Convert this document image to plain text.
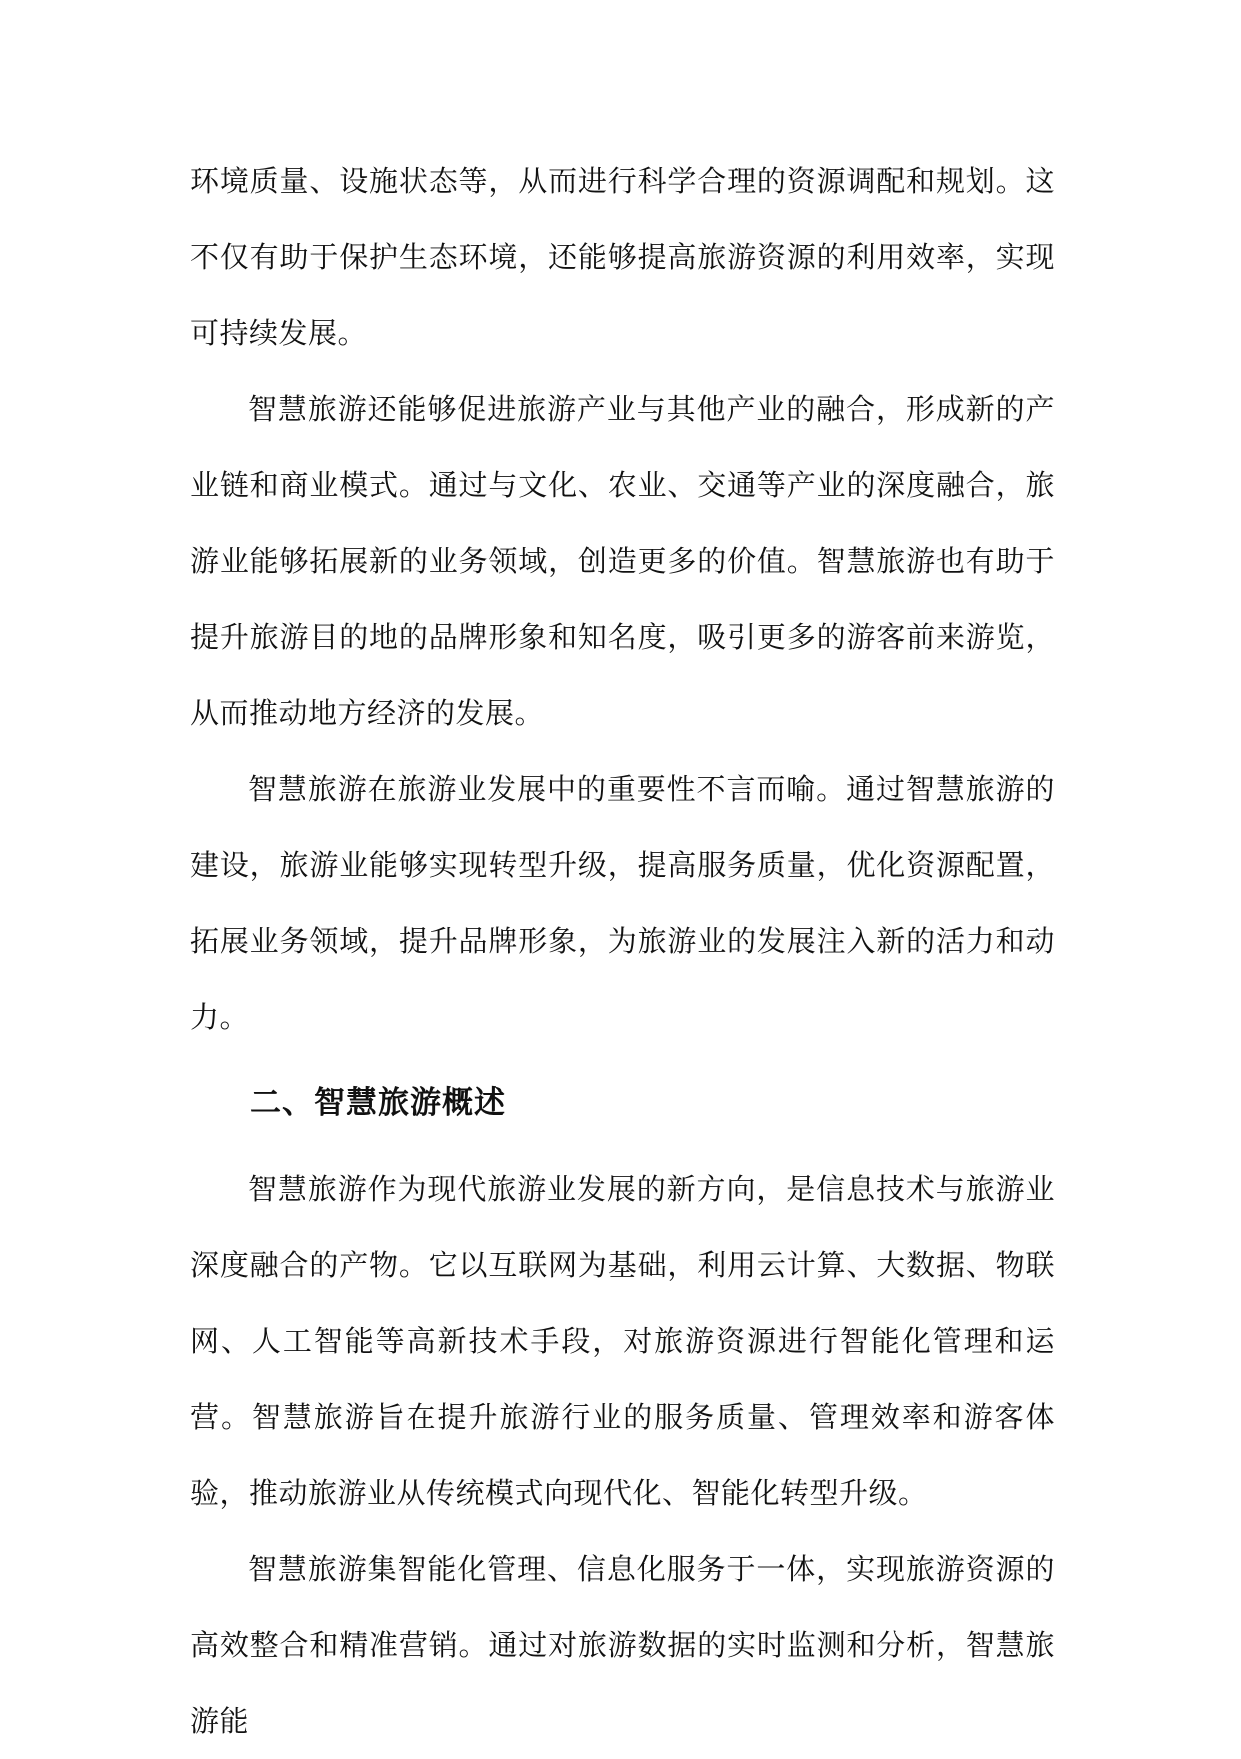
环境质量、设施状态等，从而进行科学合理的资源调配和规划。这不仅有助于保护生态环境，还能够提高旅游资源的利用效率，实现可持续发展。

智慧旅游还能够促进旅游产业与其他产业的融合，形成新的产业链和商业模式。通过与文化、农业、交通等产业的深度融合，旅游业能够拓展新的业务领域，创造更多的价值。智慧旅游也有助于提升旅游目的地的品牌形象和知名度，吸引更多的游客前来游览，从而推动地方经济的发展。

智慧旅游在旅游业发展中的重要性不言而喻。通过智慧旅游的建设，旅游业能够实现转型升级，提高服务质量，优化资源配置，拓展业务领域，提升品牌形象，为旅游业的发展注入新的活力和动力。

二、智慧旅游概述

智慧旅游作为现代旅游业发展的新方向，是信息技术与旅游业深度融合的产物。它以互联网为基础，利用云计算、大数据、物联网、人工智能等高新技术手段，对旅游资源进行智能化管理和运营。智慧旅游旨在提升旅游行业的服务质量、管理效率和游客体验，推动旅游业从传统模式向现代化、智能化转型升级。

智慧旅游集智能化管理、信息化服务于一体，实现旅游资源的高效整合和精准营销。通过对旅游数据的实时监测和分析，智慧旅游能
